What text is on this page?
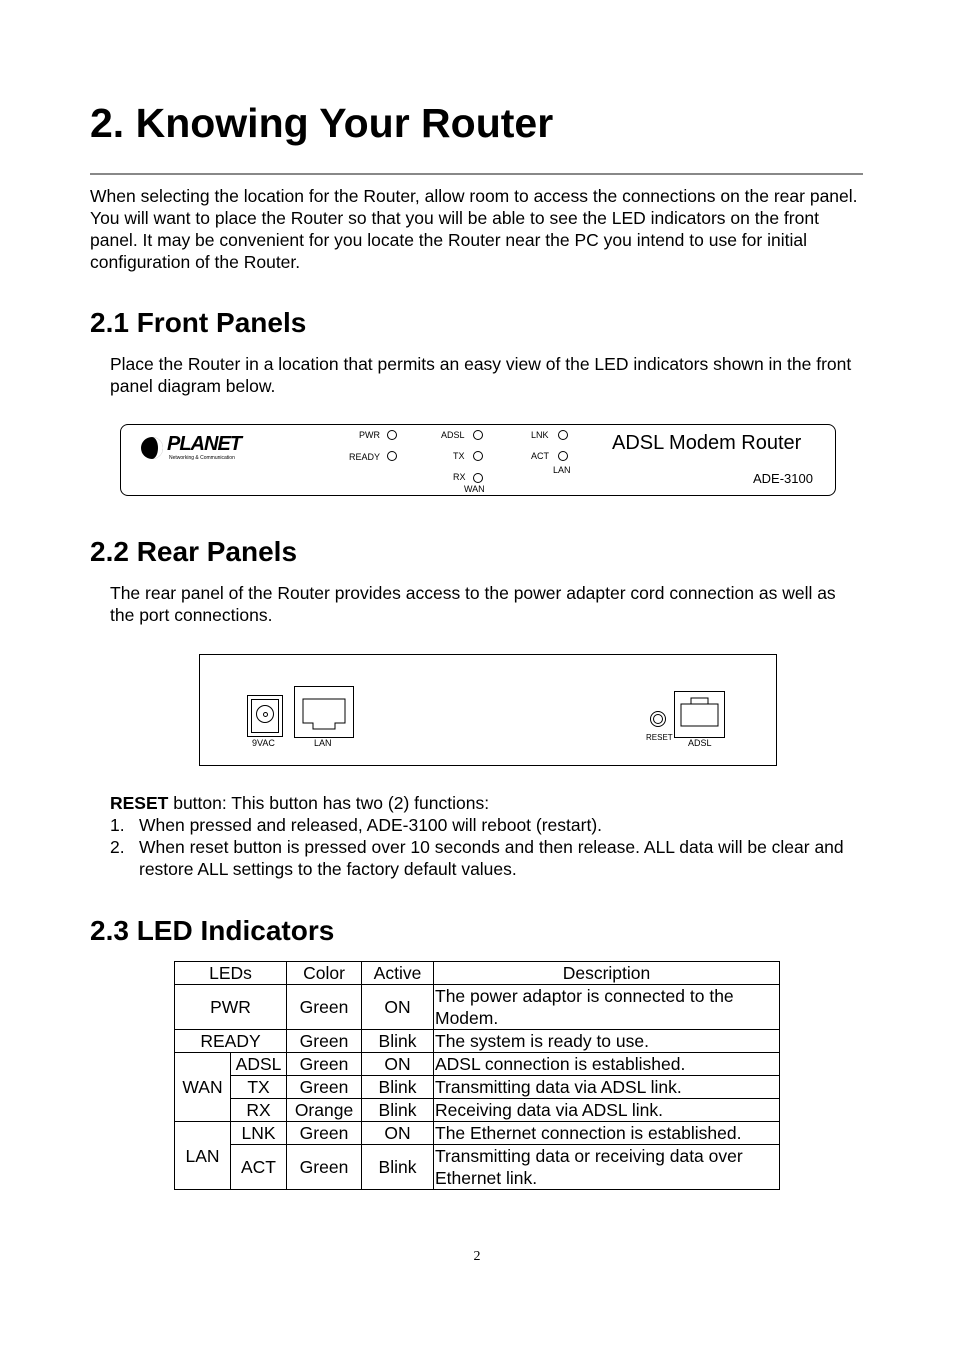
2. Knowing Your Router

When selecting the location for the Router, allow room to access the connections on the rear panel. You will want to place the Router so that you will be able to see the LED indicators on the front panel. It may be convenient for you locate the Router near the PC you intend to use for initial configuration of the Router.

2.1 Front Panels

Place the Router in a location that permits an easy view of the LED indicators shown in the front panel diagram below.

PLANET
Networking & Communication
PWR
READY
ADSL
TX
RX
WAN
LNK
ACT
LAN
ADSL Modem Router
ADE-3100
2.2 Rear Panels

The rear panel of the Router provides access to the power adapter cord connection as well as the port connections.

9VAC	LAN
RESET
ADSL

RESET button: This button has two (2) functions:

1. When pressed and released, ADE-3100 will reboot (restart).
2. When reset button is pressed over 10 seconds and then release. ALL data will be clear and restore ALL settings to the factory default values.
2.3 LED Indicators
LEDs		Color	Active	Description
PWR		Green	ON	The power adaptor is connected to the Modem.
READY		Green	Blink	The system is ready to use.
WAN	ADSL	Green	ON	ADSL connection is established.
	TX	Green	Blink	Transmitting data via ADSL link.
	RX	Orange	Blink	Receiving data via ADSL link.
LAN	LNK	Green	ON	The Ethernet connection is established.
	ACT	Green	Blink	Transmitting data or receiving data over Ethernet link.
2
